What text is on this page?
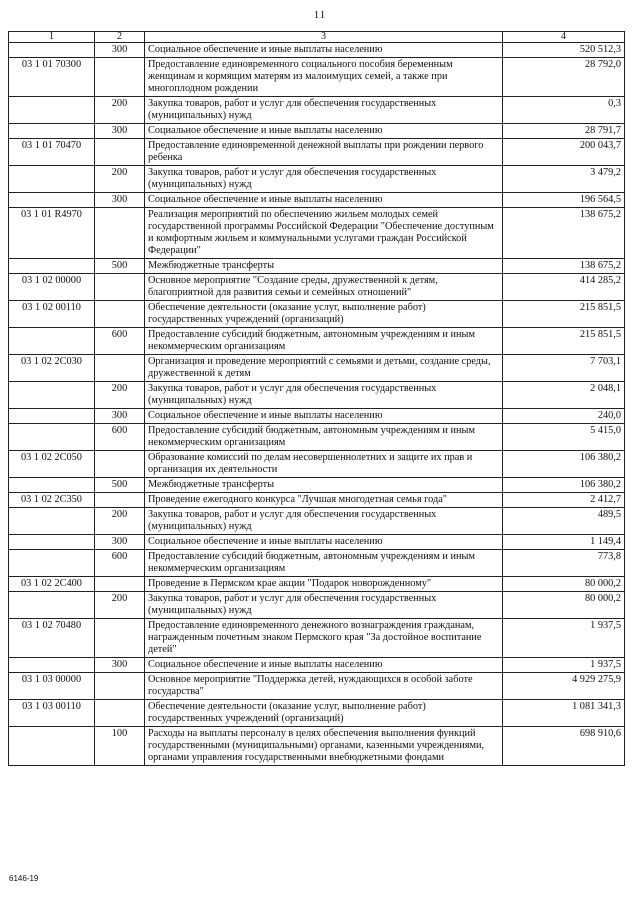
11
1	2	3	4
	300	Социальное обеспечение и иные выплаты населению	520 512,3
03 1 01 70300		Предоставление единовременного социального пособия беременным женщинам и кормящим матерям из малоимущих семей, а также при многоплодном рождении	28 792,0
	200	Закупка товаров, работ и услуг для обеспечения государственных (муниципальных) нужд	0,3
	300	Социальное обеспечение и иные выплаты населению	28 791,7
03 1 01 70470		Предоставление единовременной денежной выплаты при рождении первого ребенка	200 043,7
	200	Закупка товаров, работ и услуг для обеспечения государственных (муниципальных) нужд	3 479,2
	300	Социальное обеспечение и иные выплаты населению	196 564,5
03 1 01 R4970		Реализация мероприятий по обеспечению жильем молодых семей государственной программы Российской Федерации "Обеспечение доступным и комфортным жильем и коммунальными услугами граждан Российской Федерации"	138 675,2
	500	Межбюджетные трансферты	138 675,2
03 1 02 00000		Основное мероприятие "Создание среды, дружественной к детям, благоприятной для развития семьи и семейных отношений"	414 285,2
03 1 02 00110		Обеспечение деятельности (оказание услуг, выполнение работ) государственных учреждений (организаций)	215 851,5
	600	Предоставление субсидий бюджетным, автономным учреждениям и иным некоммерческим организациям	215 851,5
03 1 02 2C030		Организация и проведение мероприятий с семьями и детьми, создание среды, дружественной к детям	7 703,1
	200	Закупка товаров, работ и услуг для обеспечения государственных (муниципальных) нужд	2 048,1
	300	Социальное обеспечение и иные выплаты населению	240,0
	600	Предоставление субсидий бюджетным, автономным учреждениям и иным некоммерческим организациям	5 415,0
03 1 02 2C050		Образование комиссий по делам несовершеннолетних и защите их прав и организация их деятельности	106 380,2
	500	Межбюджетные трансферты	106 380,2
03 1 02 2C350		Проведение ежегодного конкурса "Лучшая многодетная семья года"	2 412,7
	200	Закупка товаров, работ и услуг для обеспечения государственных (муниципальных) нужд	489,5
	300	Социальное обеспечение и иные выплаты населению	1 149,4
	600	Предоставление субсидий бюджетным, автономным учреждениям и иным некоммерческим организациям	773,8
03 1 02 2C400		Проведение в Пермском крае акции "Подарок новорожденному"	80 000,2
	200	Закупка товаров, работ и услуг для обеспечения государственных (муниципальных) нужд	80 000,2
03 1 02 70480		Предоставление единовременного денежного вознаграждения гражданам, награжденным почетным знаком Пермского края "За достойное воспитание детей"	1 937,5
	300	Социальное обеспечение и иные выплаты населению	1 937,5
03 1 03 00000		Основное мероприятие "Поддержка детей, нуждающихся в особой заботе государства"	4 929 275,9
03 1 03 00110		Обеспечение деятельности (оказание услуг, выполнение работ) государственных учреждений (организаций)	1 081 341,3
	100	Расходы на выплаты персоналу в целях обеспечения выполнения функций государственными (муниципальными) органами, казенными учреждениями, органами управления государственными внебюджетными фондами	698 910,6
6146-19
